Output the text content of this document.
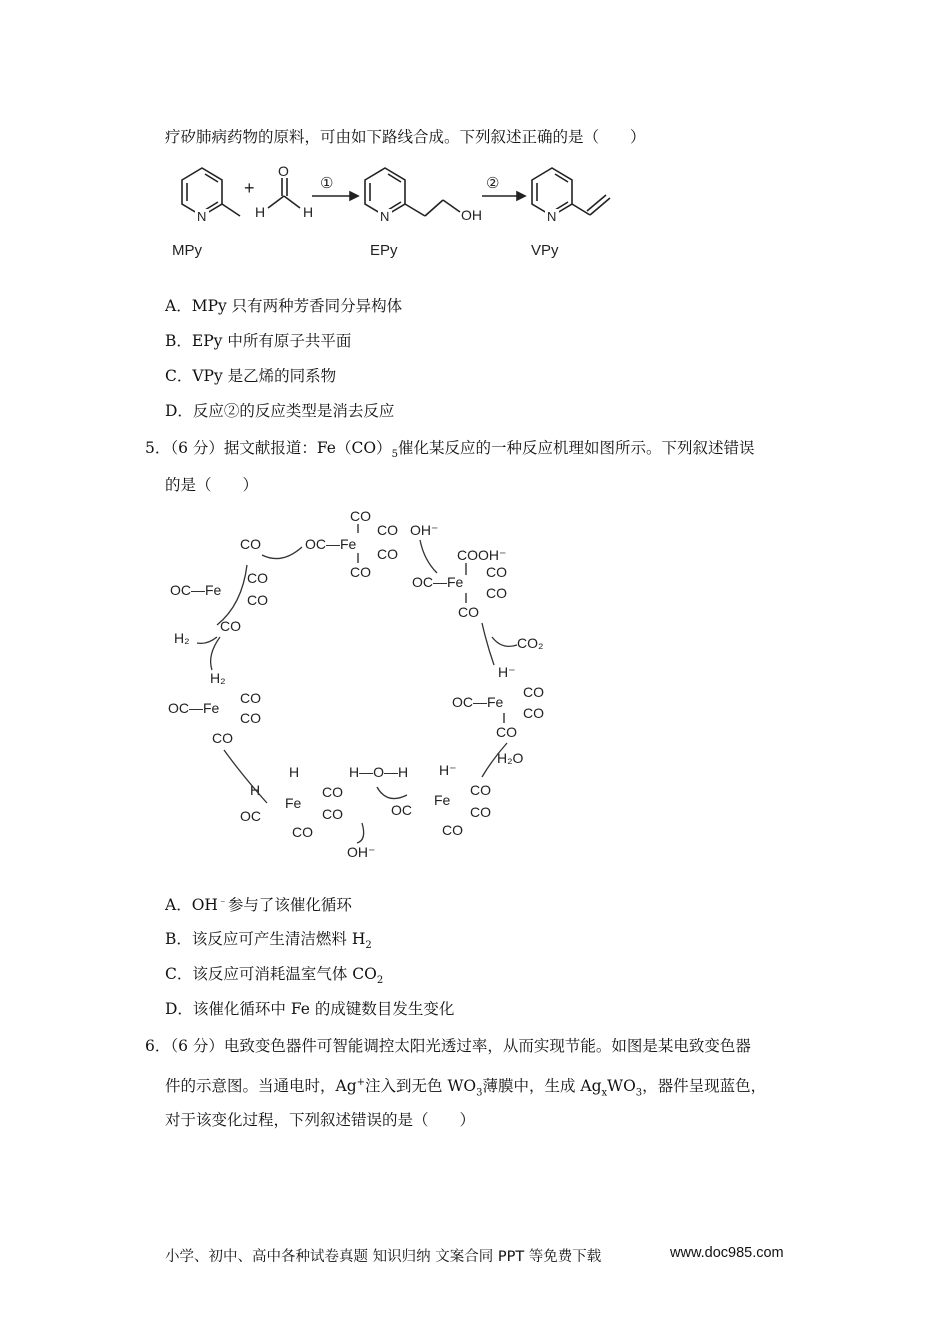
疗矽肺病药物的原料，可由如下路线合成。下列叙述正确的是（　　）
N
+
O
H	H
①
N	OH
②
N
MPy	EPy	VPy
A．MPy 只有两种芳香同分异构体
B．EPy 中所有原子共平面
C．VPy 是乙烯的同系物
D．反应②的反应类型是消去反应
5．（6 分）据文献报道：$Fe(CO)_5$催化某反应的一种反应机理如图所示。下列叙述错误
的是（　　）
CO
OC—Fe
CO
CO
CO
CO
OH⁻
COOH⁻
OC—Fe
CO
CO
CO
CO₂
H⁻
OC—Fe
CO
CO
CO
H₂O
H⁻
OC
Fe
CO
CO
CO
H—O—H
OH⁻
H
H
OC
Fe
CO
CO
CO
H₂
OC—Fe
CO
CO
CO
H₂
OC—Fe
CO
CO
CO
A．OH﹣参与了该催化循环
B．该反应可产生清洁燃料 $H_2$
C．该反应可消耗温室气体 $CO_2$
D．该催化循环中 Fe 的成键数目发生变化
6．（6 分）电致变色器件可智能调控太阳光透过率，从而实现节能。如图是某电致变色器
件的示意图。当通电时，Ag+注入到无色 $WO_3$薄膜中，生成 $Ag_xWO_3$，器件呈现蓝色，
对于该变化过程，下列叙述错误的是（　　）
小学、初中、高中各种试卷真题 知识归纳 文案合同 PPT 等免费下载	www.doc985.com
